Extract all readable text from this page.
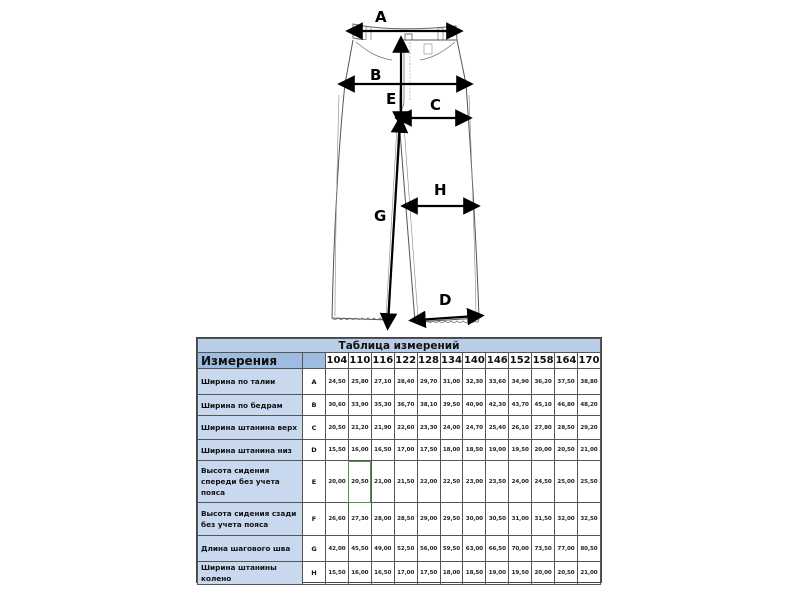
A
B
E C
H
G
D
Таблица измерений													
Измерения		104	110	116	122	128	134	140	146	152	158	164	170
Ширина по талии	A	24,50	25,80	27,10	28,40	29,70	31,00	32,30	33,60	34,90	36,20	37,50	38,80
Ширина по бедрам	B	30,60	33,90	35,30	36,70	38,10	39,50	40,90	42,30	43,70	45,10	46,80	48,20
Ширина штанина верх	C	20,50	21,20	21,90	22,60	23,30	24,00	24,70	25,40	26,10	27,80	28,50	29,20
Ширина штанина низ	D	15,50	16,00	16,50	17,00	17,50	18,00	18,50	19,00	19,50	20,00	20,50	21,00
Высота сидения спереди без учета пояса	E	20,00	20,50	21,00	21,50	22,00	22,50	23,00	23,50	24,00	24,50	25,00	25,50
Высота сидения сзади без учета пояса	F	26,60	27,30	28,00	28,50	29,00	29,50	30,00	30,50	31,00	31,50	32,00	32,50
Длина шагового шва	G	42,00	45,50	49,00	52,50	56,00	59,50	63,00	66,50	70,00	73,50	77,00	80,50
Ширина штанины колено	H	15,50	16,00	16,50	17,00	17,50	18,00	18,50	19,00	19,50	20,00	20,50	21,00
